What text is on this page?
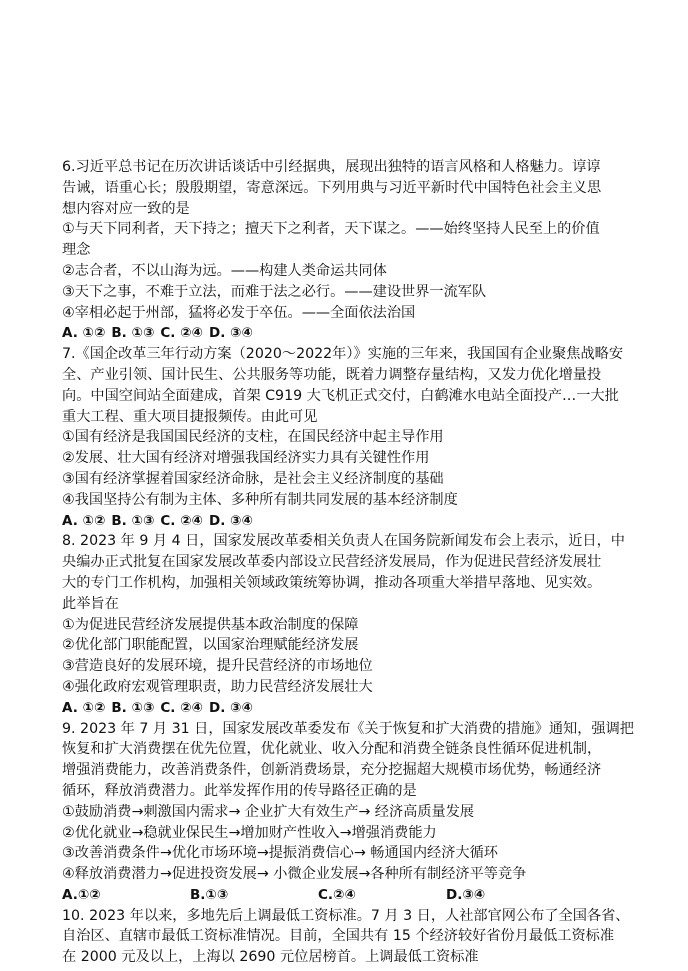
6.习近平总书记在历次讲话谈话中引经据典，展现出独特的语言风格和人格魅力。谆谆
告诫，语重心长；殷殷期望，寄意深远。下列用典与习近平新时代中国特色社会主义思
想内容对应一致的是
①与天下同利者，天下持之；擅天下之利者，天下谋之。——始终坚持人民至上的价值
理念
②志合者，不以山海为远。——构建人类命运共同体
③天下之事，不难于立法，而难于法之必行。——建设世界一流军队
④宰相必起于州部，猛将必发于卒伍。——全面依法治国
A. ①② B. ①③ C. ②④ D. ③④
7.《国企改革三年行动方案（2020～2022年）》实施的三年来，我国国有企业聚焦战略安
全、产业引领、国计民生、公共服务等功能，既着力调整存量结构，又发力优化增量投
向。中国空间站全面建成，首架 C919 大飞机正式交付，白鹤滩水电站全面投产…一大批
重大工程、重大项目捷报频传。由此可见
①国有经济是我国国民经济的支柱，在国民经济中起主导作用
②发展、壮大国有经济对增强我国经济实力具有关键性作用
③国有经济掌握着国家经济命脉，是社会主义经济制度的基础
④我国坚持公有制为主体、多种所有制共同发展的基本经济制度
A. ①② B. ①③ C. ②④ D. ③④
8. 2023 年 9 月 4 日，国家发展改革委相关负责人在国务院新闻发布会上表示，近日，中
央编办正式批复在国家发展改革委内部设立民营经济发展局，作为促进民营经济发展壮
大的专门工作机构，加强相关领域政策统筹协调，推动各项重大举措早落地、见实效。
此举旨在
①为促进民营经济发展提供基本政治制度的保障
②优化部门职能配置，以国家治理赋能经济发展
③营造良好的发展环境，提升民营经济的市场地位
④强化政府宏观管理职责，助力民营经济发展壮大
A. ①② B. ①③ C. ②④ D. ③④
9. 2023 年 7 月 31 日，国家发展改革委发布《关于恢复和扩大消费的措施》通知，强调把
恢复和扩大消费摆在优先位置，优化就业、收入分配和消费全链条良性循环促进机制，
增强消费能力，改善消费条件，创新消费场景，充分挖掘超大规模市场优势，畅通经济
循环，释放消费潜力。此举发挥作用的传导路径正确的是
①鼓励消费→刺激国内需求→ 企业扩大有效生产→ 经济高质量发展
②优化就业→稳就业保民生→增加财产性收入→增强消费能力
③改善消费条件→优化市场环境→提振消费信心→ 畅通国内经济大循环
④释放消费潜力→促进投资发展→ 小微企业发展→各种所有制经济平等竞争
A.①②	B.①③	C.②④	D.③④
10. 2023 年以来，多地先后上调最低工资标准。7 月 3 日，人社部官网公布了全国各省、
自治区、直辖市最低工资标准情况。目前，全国共有 15 个经济较好省份月最低工资标准
在 2000 元及以上，上海以 2690 元位居榜首。上调最低工资标准
